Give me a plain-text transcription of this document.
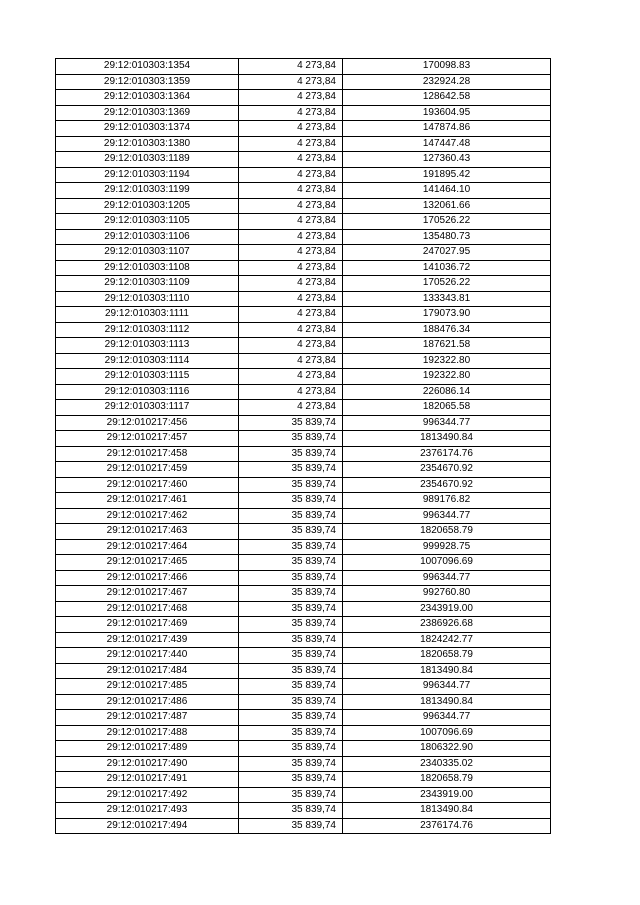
29:12:010303:1354	4 273,84	170098.83
29:12:010303:1359	4 273,84	232924.28
29:12:010303:1364	4 273,84	128642.58
29:12:010303:1369	4 273,84	193604.95
29:12:010303:1374	4 273,84	147874.86
29:12:010303:1380	4 273,84	147447.48
29:12:010303:1189	4 273,84	127360.43
29:12:010303:1194	4 273,84	191895.42
29:12:010303:1199	4 273,84	141464.10
29:12:010303:1205	4 273,84	132061.66
29:12:010303:1105	4 273,84	170526.22
29:12:010303:1106	4 273,84	135480.73
29:12:010303:1107	4 273,84	247027.95
29:12:010303:1108	4 273,84	141036.72
29:12:010303:1109	4 273,84	170526.22
29:12:010303:1110	4 273,84	133343.81
29:12:010303:1111	4 273,84	179073.90
29:12:010303:1112	4 273,84	188476.34
29:12:010303:1113	4 273,84	187621.58
29:12:010303:1114	4 273,84	192322.80
29:12:010303:1115	4 273,84	192322.80
29:12:010303:1116	4 273,84	226086.14
29:12:010303:1117	4 273,84	182065.58
29:12:010217:456	35 839,74	996344.77
29:12:010217:457	35 839,74	1813490.84
29:12:010217:458	35 839,74	2376174.76
29:12:010217:459	35 839,74	2354670.92
29:12:010217:460	35 839,74	2354670.92
29:12:010217:461	35 839,74	989176.82
29:12:010217:462	35 839,74	996344.77
29:12:010217:463	35 839,74	1820658.79
29:12:010217:464	35 839,74	999928.75
29:12:010217:465	35 839,74	1007096.69
29:12:010217:466	35 839,74	996344.77
29:12:010217:467	35 839,74	992760.80
29:12:010217:468	35 839,74	2343919.00
29:12:010217:469	35 839,74	2386926.68
29:12:010217:439	35 839,74	1824242.77
29:12:010217:440	35 839,74	1820658.79
29:12:010217:484	35 839,74	1813490.84
29:12:010217:485	35 839,74	996344.77
29:12:010217:486	35 839,74	1813490.84
29:12:010217:487	35 839,74	996344.77
29:12:010217:488	35 839,74	1007096.69
29:12:010217:489	35 839,74	1806322.90
29:12:010217:490	35 839,74	2340335.02
29:12:010217:491	35 839,74	1820658.79
29:12:010217:492	35 839,74	2343919.00
29:12:010217:493	35 839,74	1813490.84
29:12:010217:494	35 839,74	2376174.76
